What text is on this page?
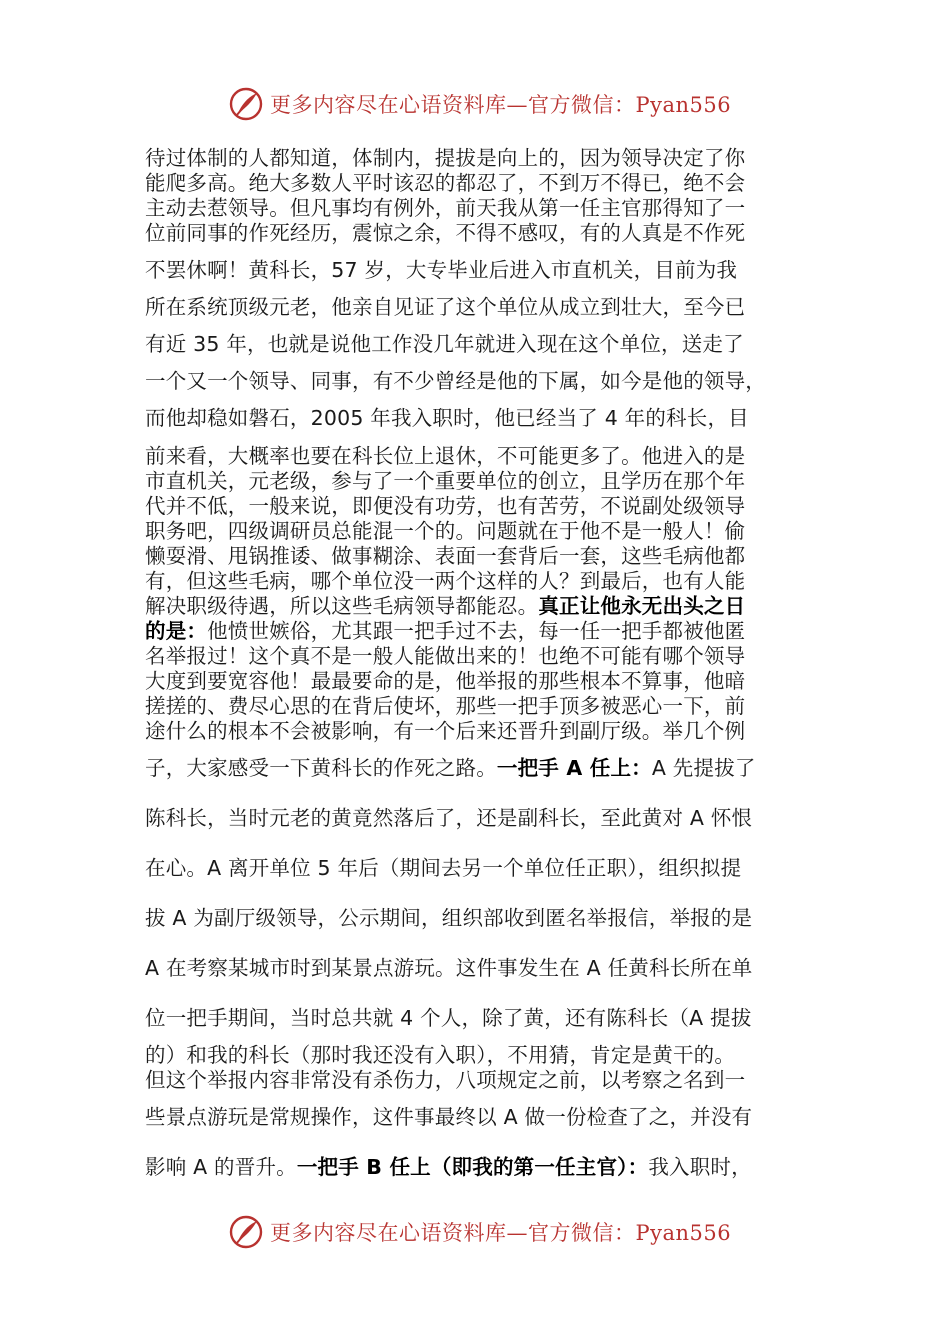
更多内容尽在心语资料库—官方微信：Pyan556
待过体制的人都知道，体制内，提拔是向上的，因为领导决定了你
能爬多高。绝大多数人平时该忍的都忍了，不到万不得已，绝不会
主动去惹领导。但凡事均有例外，前天我从第一任主官那得知了一
位前同事的作死经历，震惊之余，不得不感叹，有的人真是不作死
不罢休啊！黄科长，57 岁，大专毕业后进入市直机关，目前为我
所在系统顶级元老，他亲自见证了这个单位从成立到壮大，至今已
有近 35 年，也就是说他工作没几年就进入现在这个单位，送走了
一个又一个领导、同事，有不少曾经是他的下属，如今是他的领导，
而他却稳如磐石，2005 年我入职时，他已经当了 4 年的科长，目
前来看，大概率也要在科长位上退休，不可能更多了。他进入的是
市直机关，元老级，参与了一个重要单位的创立，且学历在那个年
代并不低，一般来说，即便没有功劳，也有苦劳，不说副处级领导
职务吧，四级调研员总能混一个的。问题就在于他不是一般人！偷
懒耍滑、甩锅推诿、做事糊涂、表面一套背后一套，这些毛病他都
有，但这些毛病，哪个单位没一两个这样的人？到最后，也有人能
解决职级待遇，所以这些毛病领导都能忍。真正让他永无出头之日
的是：他愤世嫉俗，尤其跟一把手过不去，每一任一把手都被他匿
名举报过！这个真不是一般人能做出来的！也绝不可能有哪个领导
大度到要宽容他！最最要命的是，他举报的那些根本不算事，他暗
搓搓的、费尽心思的在背后使坏，那些一把手顶多被恶心一下，前
途什么的根本不会被影响，有一个后来还晋升到副厅级。举几个例
子，大家感受一下黄科长的作死之路。一把手 A 任上：A 先提拔了
陈科长，当时元老的黄竟然落后了，还是副科长，至此黄对 A 怀恨
在心。A 离开单位 5 年后（期间去另一个单位任正职），组织拟提
拔 A 为副厅级领导，公示期间，组织部收到匿名举报信，举报的是
A 在考察某城市时到某景点游玩。这件事发生在 A 任黄科长所在单
位一把手期间，当时总共就 4 个人，除了黄，还有陈科长（A 提拔
的）和我的科长（那时我还没有入职），不用猜，肯定是黄干的。
但这个举报内容非常没有杀伤力，八项规定之前，以考察之名到一
些景点游玩是常规操作，这件事最终以 A 做一份检查了之，并没有
影响 A 的晋升。一把手 B 任上（即我的第一任主官）：我入职时，
更多内容尽在心语资料库—官方微信：Pyan556
